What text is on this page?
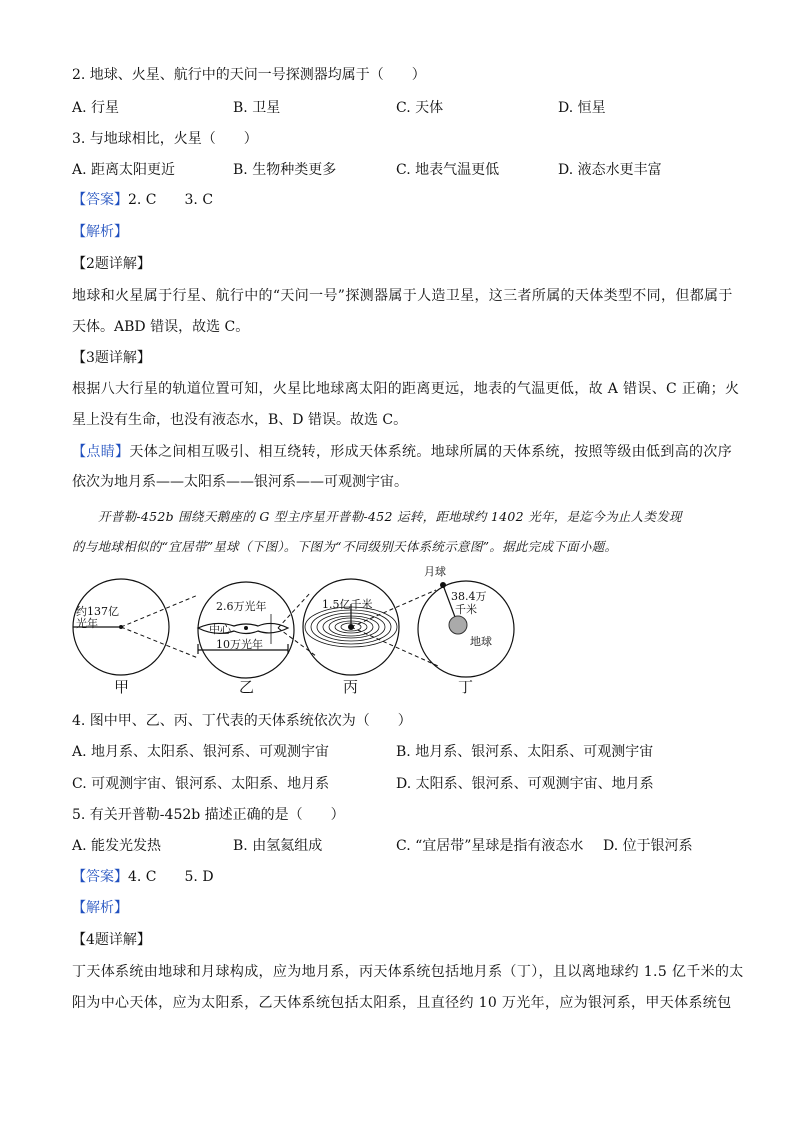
2. 地球、火星、航行中的天问一号探测器均属于（　　）
A. 行星	B. 卫星	C. 天体	D. 恒星
3. 与地球相比，火星（　　）
A. 距离太阳更近	B. 生物种类更多	C. 地表气温更低	D. 液态水更丰富
【答案】2. C　　3. C
【解析】
【2题详解】
地球和火星属于行星、航行中的“天问一号”探测器属于人造卫星，这三者所属的天体类型不同，但都属于
天体。ABD 错误，故选 C。
【3题详解】
根据八大行星的轨道位置可知，火星比地球离太阳的距离更远，地表的气温更低，故 A 错误、C 正确；火
星上没有生命，也没有液态水，B、D 错误。故选 C。
【点睛】天体之间相互吸引、相互绕转，形成天体系统。地球所属的天体系统，按照等级由低到高的次序
依次为地月系——太阳系——银河系——可观测宇宙。
开普勒-452b 围绕天鹅座的 G 型主序星开普勒-452 运转，距地球约 1402 光年，是迄今为止人类发现
的与地球相似的“宜居带”星球（下图）。下图为“不同级别天体系统示意图”。据此完成下面小题。
约137亿
光年
2.6万光年
中心
10万光年
1.5亿千米
月球
38.4万
千米
地球
甲	乙	丙	丁
4. 图中甲、乙、丙、丁代表的天体系统依次为（　　）
A. 地月系、太阳系、银河系、可观测宇宙	B. 地月系、银河系、太阳系、可观测宇宙
C. 可观测宇宙、银河系、太阳系、地月系	D. 太阳系、银河系、可观测宇宙、地月系
5. 有关开普勒-452b 描述正确的是（　　）
A. 能发光发热	B. 由氢氦组成	C. “宜居带”星球是指有液态水 D. 位于银河系
【答案】4. C　　5. D
【解析】
【4题详解】
丁天体系统由地球和月球构成，应为地月系，丙天体系统包括地月系（丁），且以离地球约 1.5 亿千米的太
阳为中心天体，应为太阳系，乙天体系统包括太阳系，且直径约 10 万光年，应为银河系，甲天体系统包
